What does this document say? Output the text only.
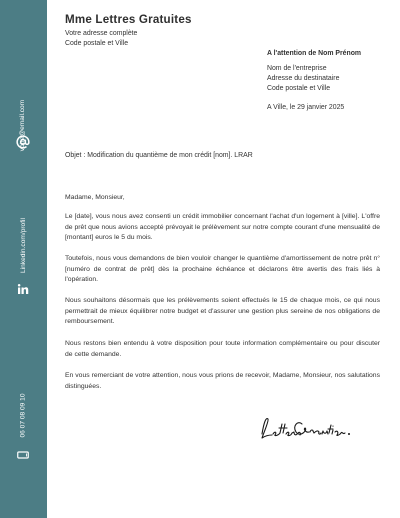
votre@email.com
Linkedin.com/profil
06 07 08 09 10
Mme Lettres Gratuites
Votre adresse complète
Code postale et Ville
A l'attention de Nom Prénom
Nom de l'entreprise
Adresse du destinataire
Code postale et Ville
A Ville, le 29 janvier 2025
Objet : Modification du quantième de mon crédit [nom]. LRAR
Madame, Monsieur,
Le [date], vous nous avez consenti un crédit immobilier concernant l'achat d'un logement à [ville]. L'offre de prêt que nous avions accepté prévoyait le prélèvement sur notre compte courant d'une mensualité de [montant] euros le 5 du mois.
Toutefois, nous vous demandons de bien vouloir changer le quantième d'amortissement de notre prêt n°[numéro de contrat de prêt] dès la prochaine échéance et déclarons être avertis des frais liés à l'opération.
Nous souhaitons désormais que les prélèvements soient effectués le 15 de chaque mois, ce qui nous permettrait de mieux équilibrer notre budget et d'assurer une gestion plus sereine de nos obligations de remboursement.
Nous restons bien entendu à votre disposition pour toute information complémentaire ou pour discuter de cette demande.
En vous remerciant de votre attention, nous vous prions de recevoir, Madame, Monsieur, nos salutations distinguées.
